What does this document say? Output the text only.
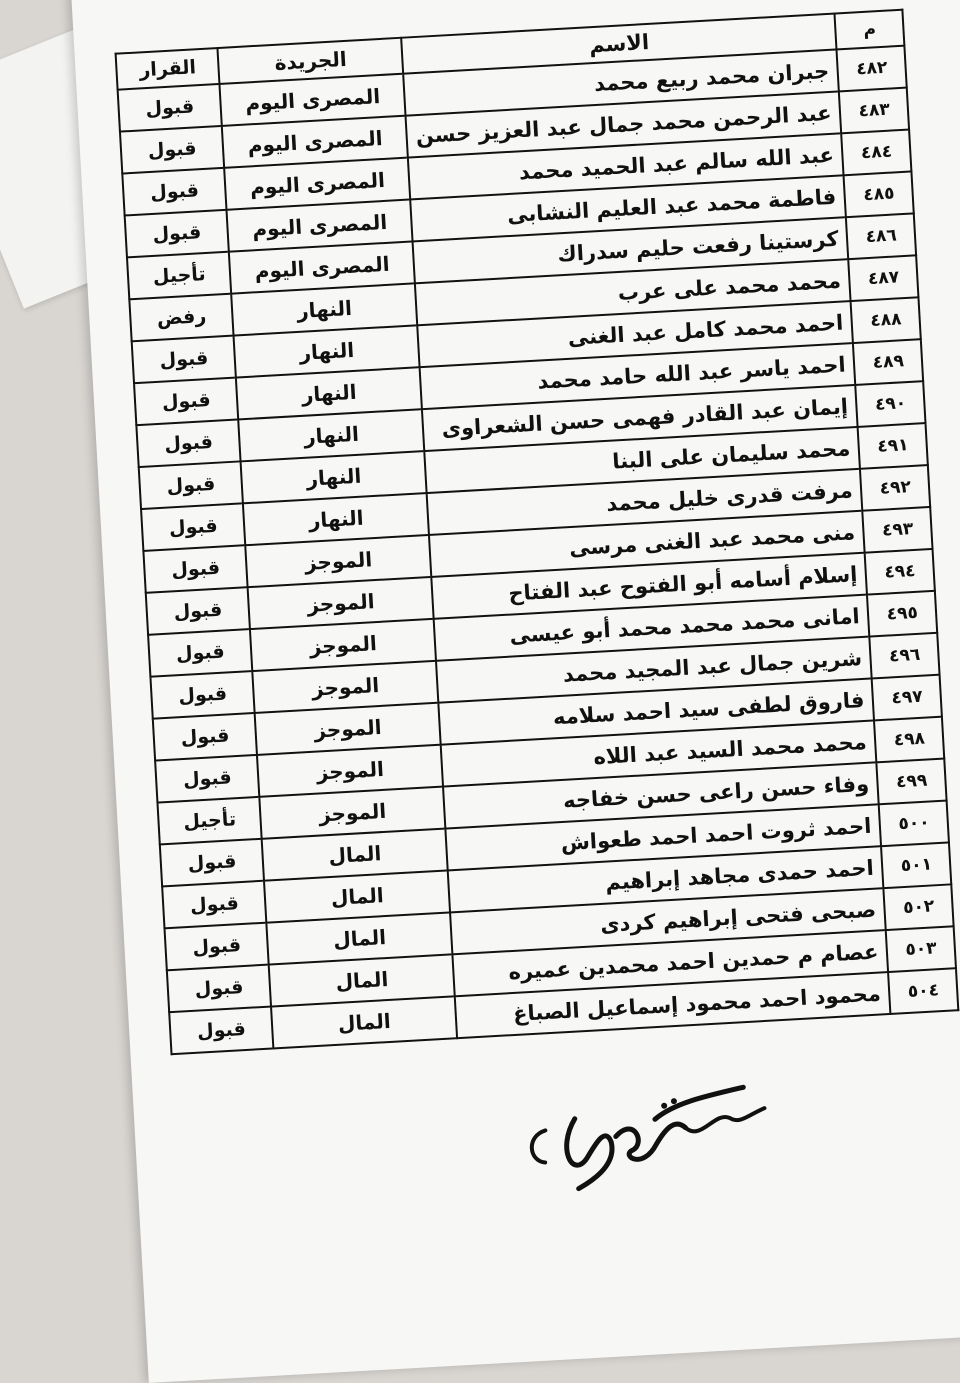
م	الاسم	الجريدة	القرار
٤٨٢	جبران محمد ربيع محمد	المصرى اليوم	قبول
٤٨٣	عبد الرحمن محمد جمال عبد العزيز حسن	المصرى اليوم	قبول
٤٨٤	عبد الله سالم عبد الحميد محمد	المصرى اليوم	قبول
٤٨٥	فاطمة محمد عبد العليم النشابى	المصرى اليوم	قبول
٤٨٦	كرستينا رفعت حليم سدراك	المصرى اليوم	تأجيل
٤٨٧	محمد محمد على عرب	النهار	رفض
٤٨٨	احمد محمد كامل عبد الغنى	النهار	قبول
٤٨٩	احمد ياسر عبد الله حامد محمد	النهار	قبول
٤٩٠	إيمان عبد القادر فهمى حسن الشعراوى	النهار	قبول
٤٩١	محمد سليمان على البنا	النهار	قبول
٤٩٢	مرفت قدرى خليل محمد	النهار	قبول
٤٩٣	منى محمد عبد الغنى مرسى	الموجز	قبول
٤٩٤	إسلام أسامه أبو الفتوح عبد الفتاح	الموجز	قبول
٤٩٥	امانى محمد محمد محمد أبو عيسى	الموجز	قبول
٤٩٦	شرين جمال عبد المجيد محمد	الموجز	قبول
٤٩٧	فاروق لطفى سيد احمد سلامه	الموجز	قبول
٤٩٨	محمد محمد السيد عبد اللاه	الموجز	قبول
٤٩٩	وفاء حسن راعى حسن خفاجه	الموجز	تأجيل
٥٠٠	احمد ثروت احمد احمد طعواش	المال	قبول
٥٠١	احمد حمدى مجاهد إبراهيم	المال	قبول
٥٠٢	صبحى فتحى إبراهيم كردى	المال	قبول
٥٠٣	عصام م حمدين احمد محمدين عميره	المال	قبول
٥٠٤	محمود احمد محمود إسماعيل الصباغ	المال	قبول
